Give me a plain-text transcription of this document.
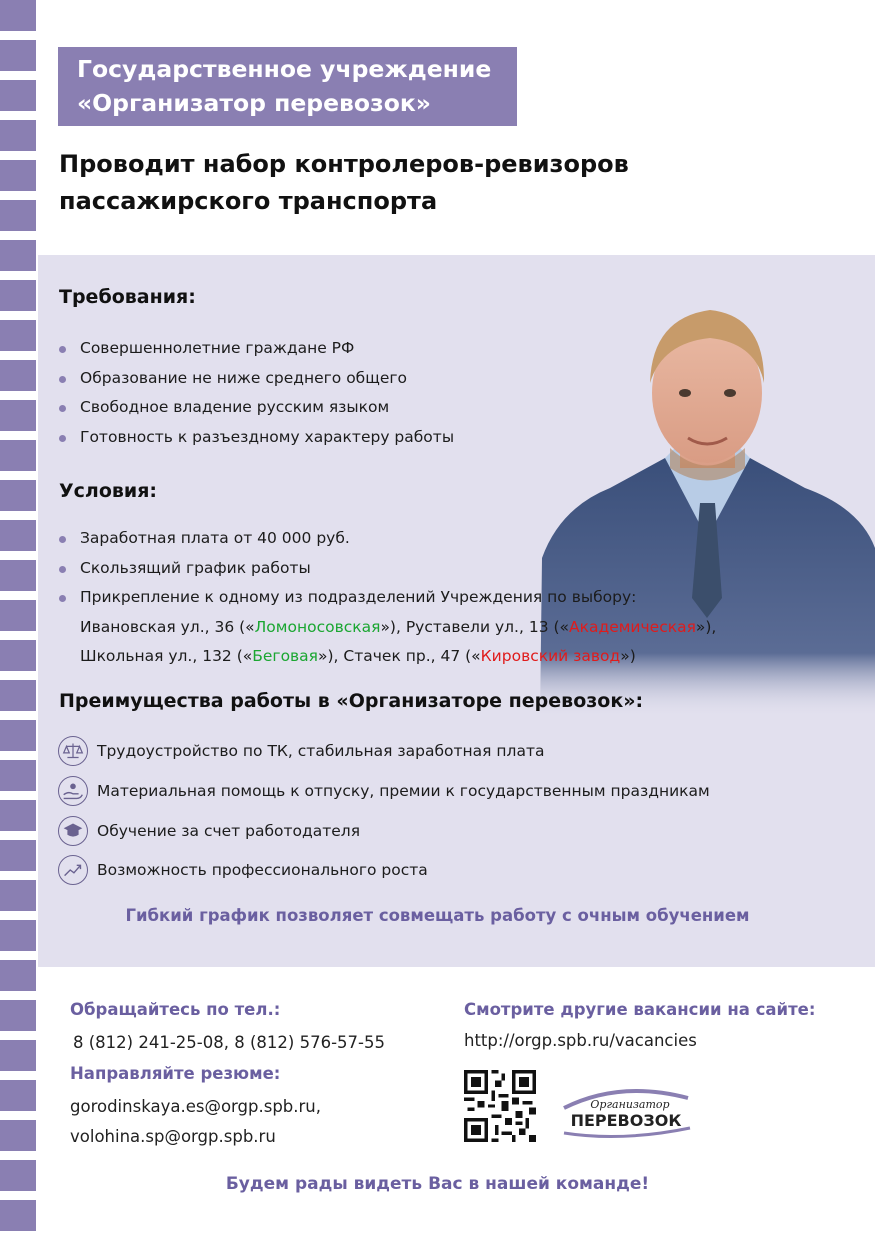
Государственное учреждение
«Организатор перевозок»
Проводит набор контролеров-ревизоров
пассажирского транспорта
Требования:
Совершеннолетние граждане РФ
Образование не ниже среднего общего
Свободное владение русским языком
Готовность к разъездному характеру работы
Условия:
Заработная плата от 40 000 руб.
Скользящий график работы
Прикрепление к одному из подразделений Учреждения по выбору:
Ивановская ул., 36 («Ломоносовская»), Руставели ул., 13 («Академическая»),
Школьная ул., 132 («Беговая»), Стачек пр., 47 («Кировский завод»)
Преимущества работы в «Организаторе перевозок»:
Трудоустройство по ТК, стабильная заработная плата
Материальная помощь к отпуску, премии к государственным праздникам
Обучение за счет работодателя
Возможность профессионального роста
Гибкий график позволяет совмещать работу с очным обучением
Обращайтесь по тел.:
8 (812) 241-25-08, 8 (812) 576-57-55
Направляйте резюме:
gorodinskaya.es@orgp.spb.ru,
volohina.sp@orgp.spb.ru
Смотрите другие вакансии на сайте:
http://orgp.spb.ru/vacancies
Организатор
ПЕРЕВОЗОК
Будем рады видеть Вас в нашей команде!
